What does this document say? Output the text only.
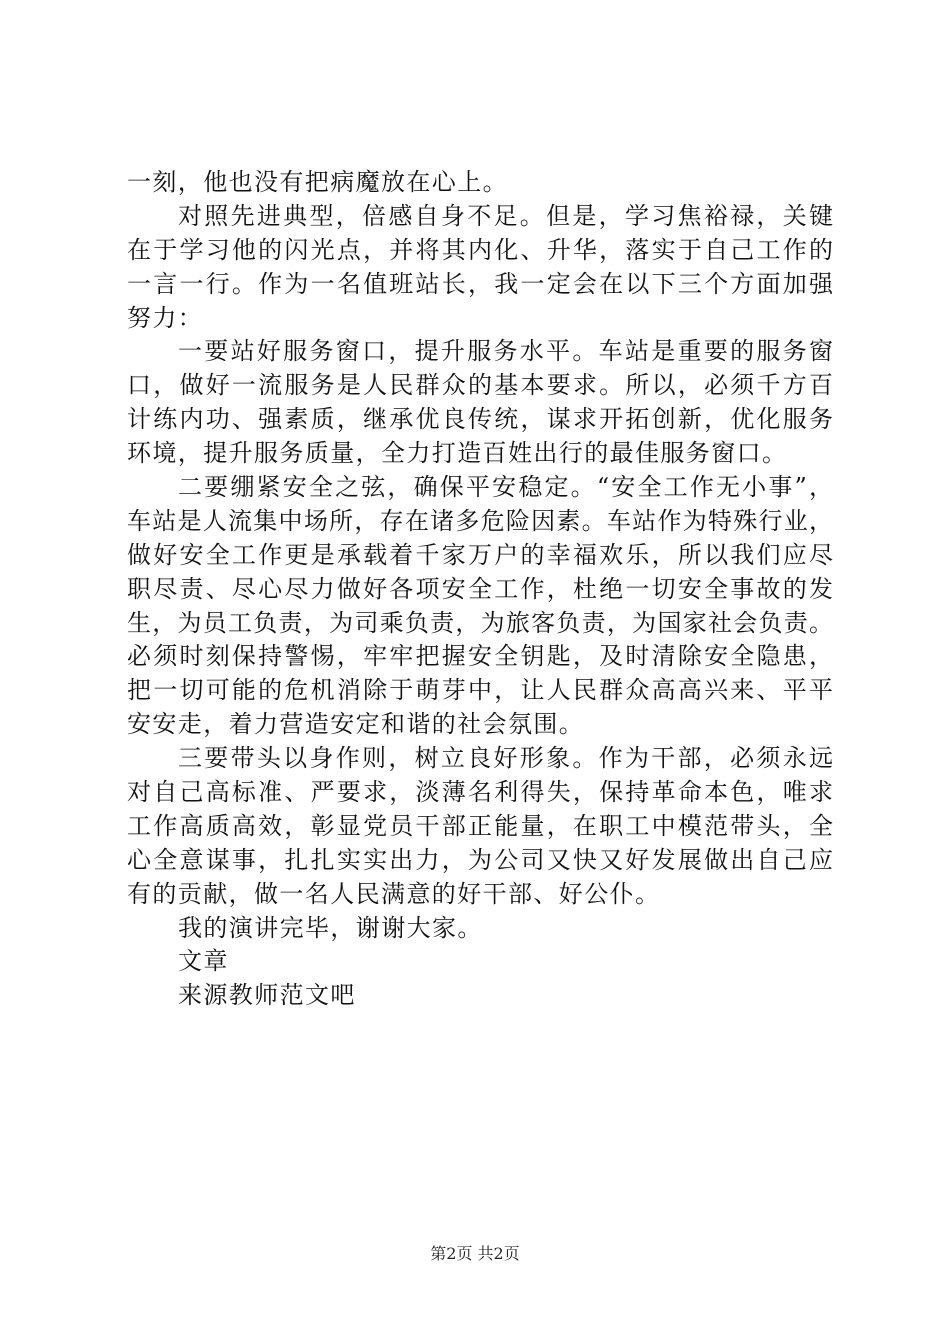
一刻，他也没有把病魔放在心上。
对照先进典型，倍感自身不足。但是，学习焦裕禄，关键
在于学习他的闪光点，并将其内化、升华，落实于自己工作的
一言一行。作为一名值班站长，我一定会在以下三个方面加强
努力：
一要站好服务窗口，提升服务水平。车站是重要的服务窗
口，做好一流服务是人民群众的基本要求。所以，必须千方百
计练内功、强素质，继承优良传统，谋求开拓创新，优化服务
环境，提升服务质量，全力打造百姓出行的最佳服务窗口。
二要绷紧安全之弦，确保平安稳定。“安全工作无小事”，
车站是人流集中场所，存在诸多危险因素。车站作为特殊行业，
做好安全工作更是承载着千家万户的幸福欢乐，所以我们应尽
职尽责、尽心尽力做好各项安全工作，杜绝一切安全事故的发
生，为员工负责，为司乘负责，为旅客负责，为国家社会负责。
必须时刻保持警惕，牢牢把握安全钥匙，及时清除安全隐患，
把一切可能的危机消除于萌芽中，让人民群众高高兴来、平平
安安走，着力营造安定和谐的社会氛围。
三要带头以身作则，树立良好形象。作为干部，必须永远
对自己高标准、严要求，淡薄名利得失，保持革命本色，唯求
工作高质高效，彰显党员干部正能量，在职工中模范带头，全
心全意谋事，扎扎实实出力，为公司又快又好发展做出自己应
有的贡献，做一名人民满意的好干部、好公仆。
我的演讲完毕，谢谢大家。
文章
来源教师范文吧
第2页 共2页
